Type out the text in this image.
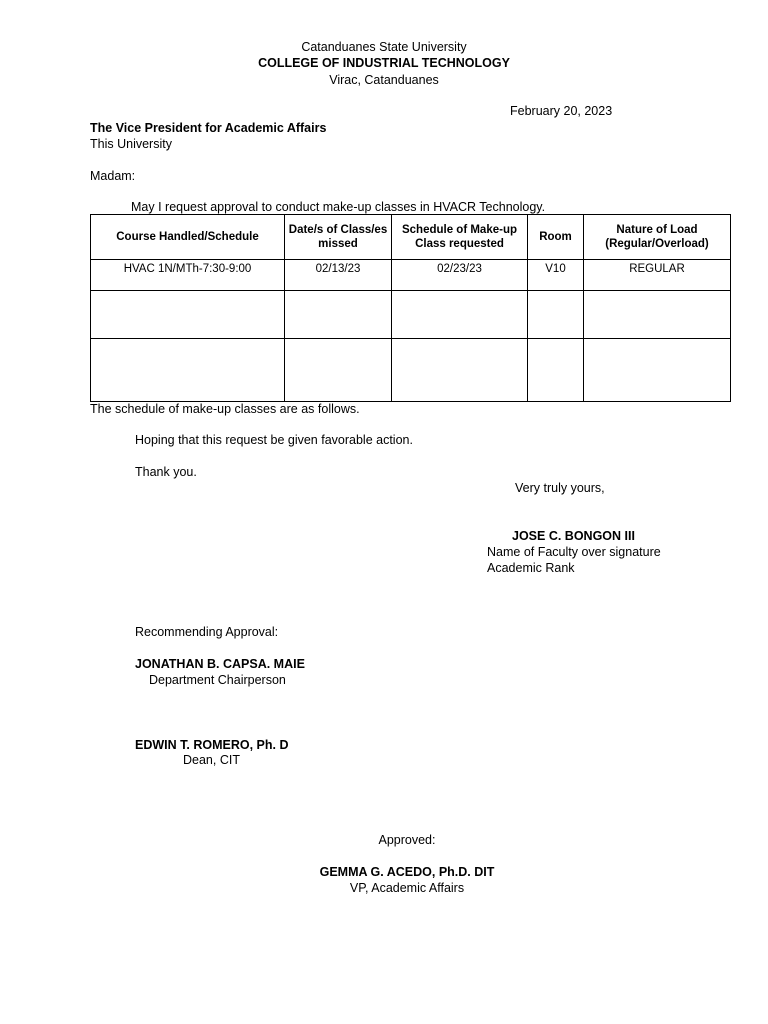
Catanduanes State University
COLLEGE OF INDUSTRIAL TECHNOLOGY
Virac, Catanduanes
February 20, 2023
The Vice President for Academic Affairs
This University
Madam:
May I request approval to conduct make-up classes in HVACR Technology.
Course Handled/Schedule	Date/s of Class/es missed	Schedule of Make-up Class requested	Room	Nature of Load (Regular/Overload)
HVAC 1N/MTh-7:30-9:00	02/13/23	02/23/23	V10	REGULAR

The schedule of make-up classes are as follows.
Hoping that this request be given favorable action.
Thank you.
Very truly yours,
JOSE C. BONGON III
Name of Faculty over signature
Academic Rank
Recommending Approval:
JONATHAN B. CAPSA. MAIE
Department Chairperson
EDWIN T. ROMERO, Ph. D
Dean, CIT
Approved:
GEMMA G. ACEDO, Ph.D. DIT
VP, Academic Affairs
